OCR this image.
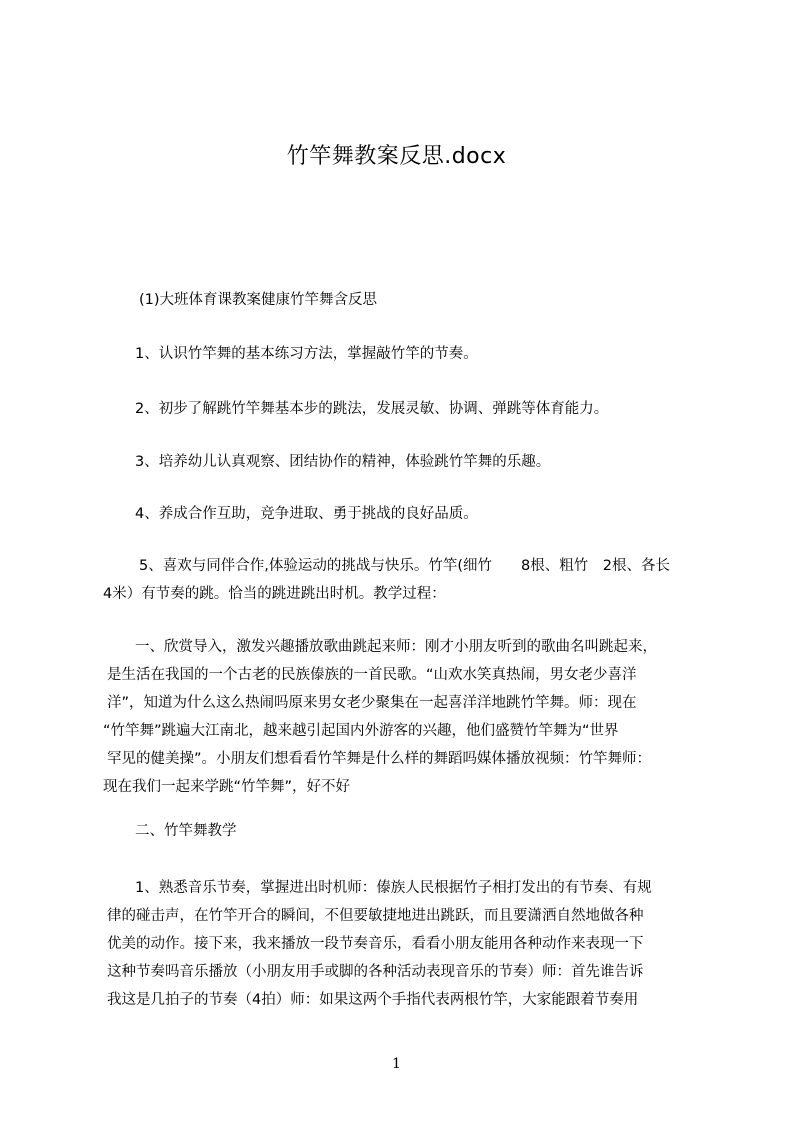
竹竿舞教案反思.docx
(1)大班体育课教案健康竹竿舞含反思
1、认识竹竿舞的基本练习方法，掌握敲竹竿的节奏。
2、初步了解跳竹竿舞基本步的跳法，发展灵敏、协调、弹跳等体育能力。
3、培养幼儿认真观察、团结协作的精神，体验跳竹竿舞的乐趣。
4、养成合作互助，竞争进取、勇于挑战的良好品质。
5、喜欢与同伴合作,体验运动的挑战与快乐。竹竿(细竹　　8根、粗竹　2根、各长
4米）有节奏的跳。恰当的跳进跳出时机。教学过程：
一、欣赏导入，激发兴趣播放歌曲跳起来师：刚才小朋友听到的歌曲名叫跳起来，
是生活在我国的一个古老的民族傣族的一首民歌。“山欢水笑真热闹，男女老少喜洋
洋”，知道为什么这么热闹吗原来男女老少聚集在一起喜洋洋地跳竹竿舞。师：现在
“竹竿舞”跳遍大江南北，越来越引起国内外游客的兴趣，他们盛赞竹竿舞为“世界
罕见的健美操”。小朋友们想看看竹竿舞是什么样的舞蹈吗媒体播放视频：竹竿舞师：
现在我们一起来学跳“竹竿舞”，好不好
二、竹竿舞教学
1、熟悉音乐节奏，掌握进出时机师：傣族人民根据竹子相打发出的有节奏、有规
律的碰击声，在竹竿开合的瞬间，不但要敏捷地进出跳跃，而且要潇洒自然地做各种
优美的动作。接下来，我来播放一段节奏音乐，看看小朋友能用各种动作来表现一下
这种节奏吗音乐播放（小朋友用手或脚的各种活动表现音乐的节奏）师：首先谁告诉
我这是几拍子的节奏（4拍）师：如果这两个手指代表两根竹竿，大家能跟着节奏用
1
